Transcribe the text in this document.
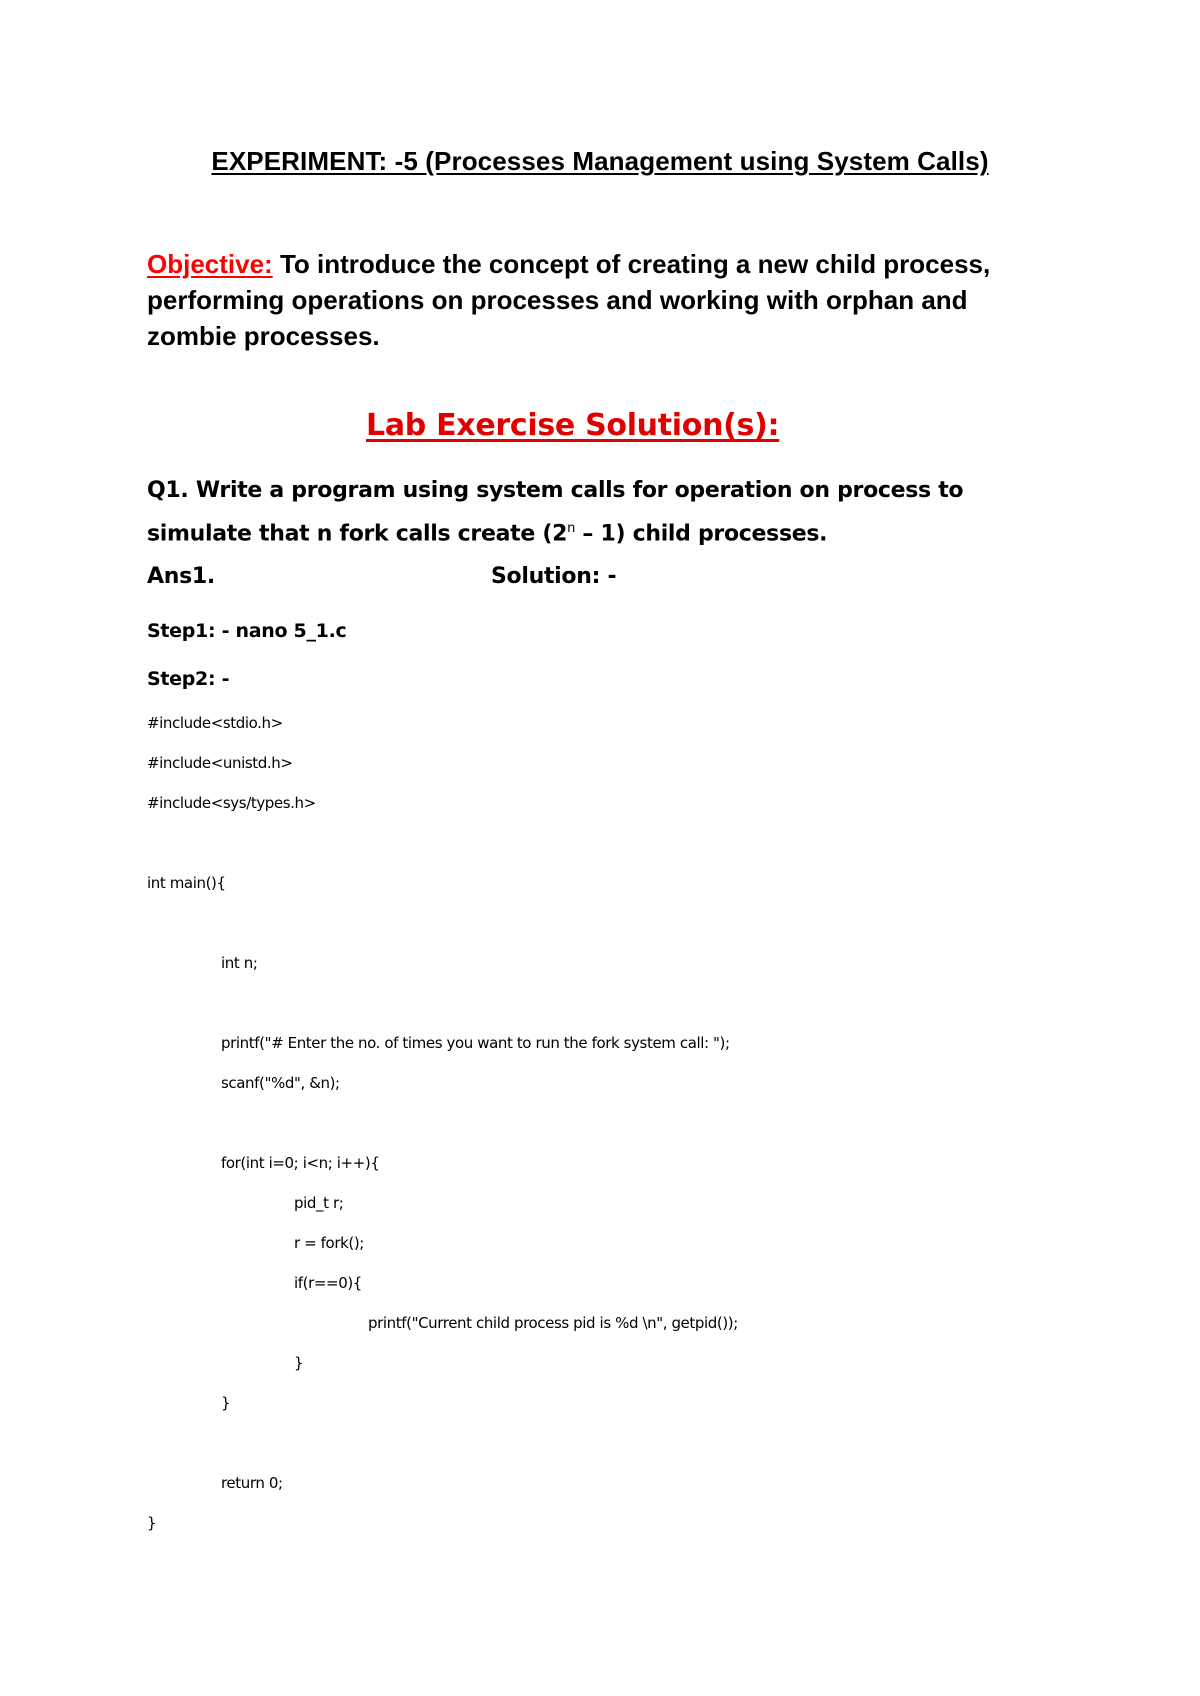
EXPERIMENT: -5 (Processes Management using System Calls)
Objective: To introduce the concept of creating a new child process, performing operations on processes and working with orphan and zombie processes.
Lab Exercise Solution(s):
Q1. Write a program using system calls for operation on process to simulate that n fork calls create (2$^n$ – 1) child processes.
Ans1.	Solution: -
Step1: - nano 5_1.c
Step2: -
#include<stdio.h>
#include<unistd.h>
#include<sys/types.h>
int main(){
int n;
printf("# Enter the no. of times you want to run the fork system call: ");
scanf("%d", &n);
for(int i=0; i<n; i++){
pid_t r;
r = fork();
if(r==0){
printf("Current child process pid is %d \n", getpid());
}
}
return 0;
}
